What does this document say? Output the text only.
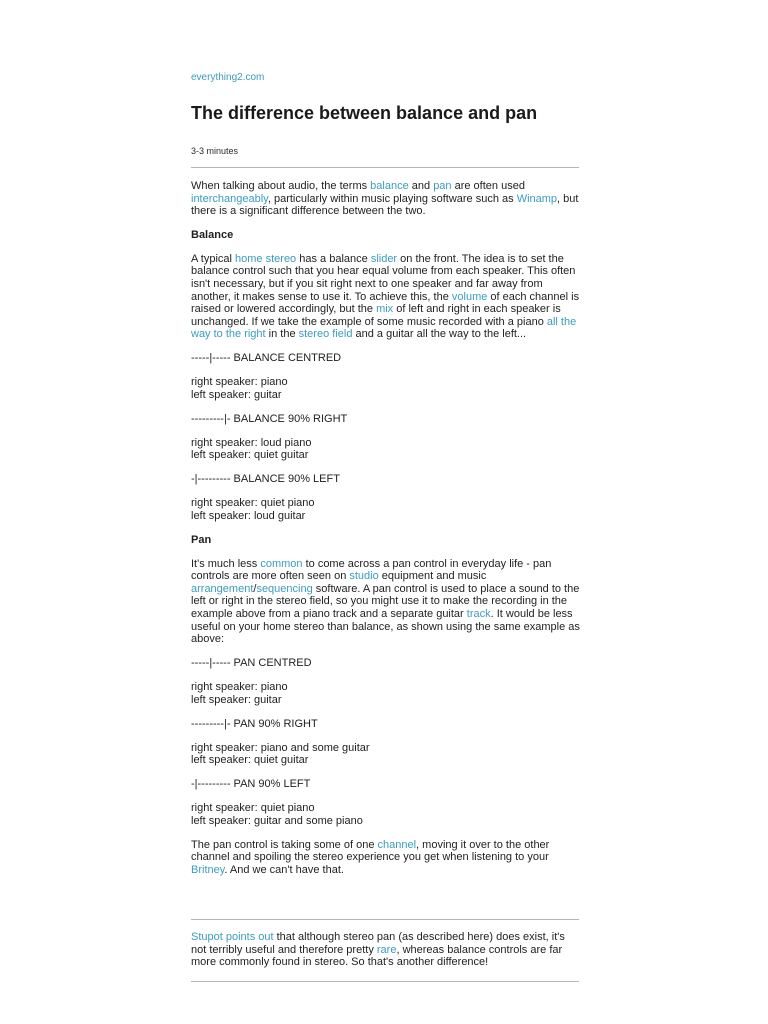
everything2.com
The difference between balance and pan
3-3 minutes

When talking about audio, the terms balance and pan are often used interchangeably, particularly within music playing software such as Winamp, but there is a significant difference between the two.

Balance

A typical home stereo has a balance slider on the front. The idea is to set the balance control such that you hear equal volume from each speaker. This often isn't necessary, but if you sit right next to one speaker and far away from another, it makes sense to use it. To achieve this, the volume of each channel is raised or lowered accordingly, but the mix of left and right in each speaker is unchanged. If we take the example of some music recorded with a piano all the way to the right in the stereo field and a guitar all the way to the left...

-----|----- BALANCE CENTRED

right speaker: piano
left speaker: guitar

---------|- BALANCE 90% RIGHT

right speaker: loud piano
left speaker: quiet guitar

-|--------- BALANCE 90% LEFT

right speaker: quiet piano
left speaker: loud guitar

Pan

It's much less common to come across a pan control in everyday life - pan controls are more often seen on studio equipment and music arrangement/sequencing software. A pan control is used to place a sound to the left or right in the stereo field, so you might use it to make the recording in the example above from a piano track and a separate guitar track. It would be less useful on your home stereo than balance, as shown using the same example as above:

-----|----- PAN CENTRED

right speaker: piano
left speaker: guitar

---------|- PAN 90% RIGHT

right speaker: piano and some guitar
left speaker: quiet guitar

-|--------- PAN 90% LEFT

right speaker: quiet piano
left speaker: guitar and some piano

The pan control is taking some of one channel, moving it over to the other channel and spoiling the stereo experience you get when listening to your Britney. And we can't have that.

Stupot points out that although stereo pan (as described here) does exist, it's not terribly useful and therefore pretty rare, whereas balance controls are far more commonly found in stereo. So that's another difference!
